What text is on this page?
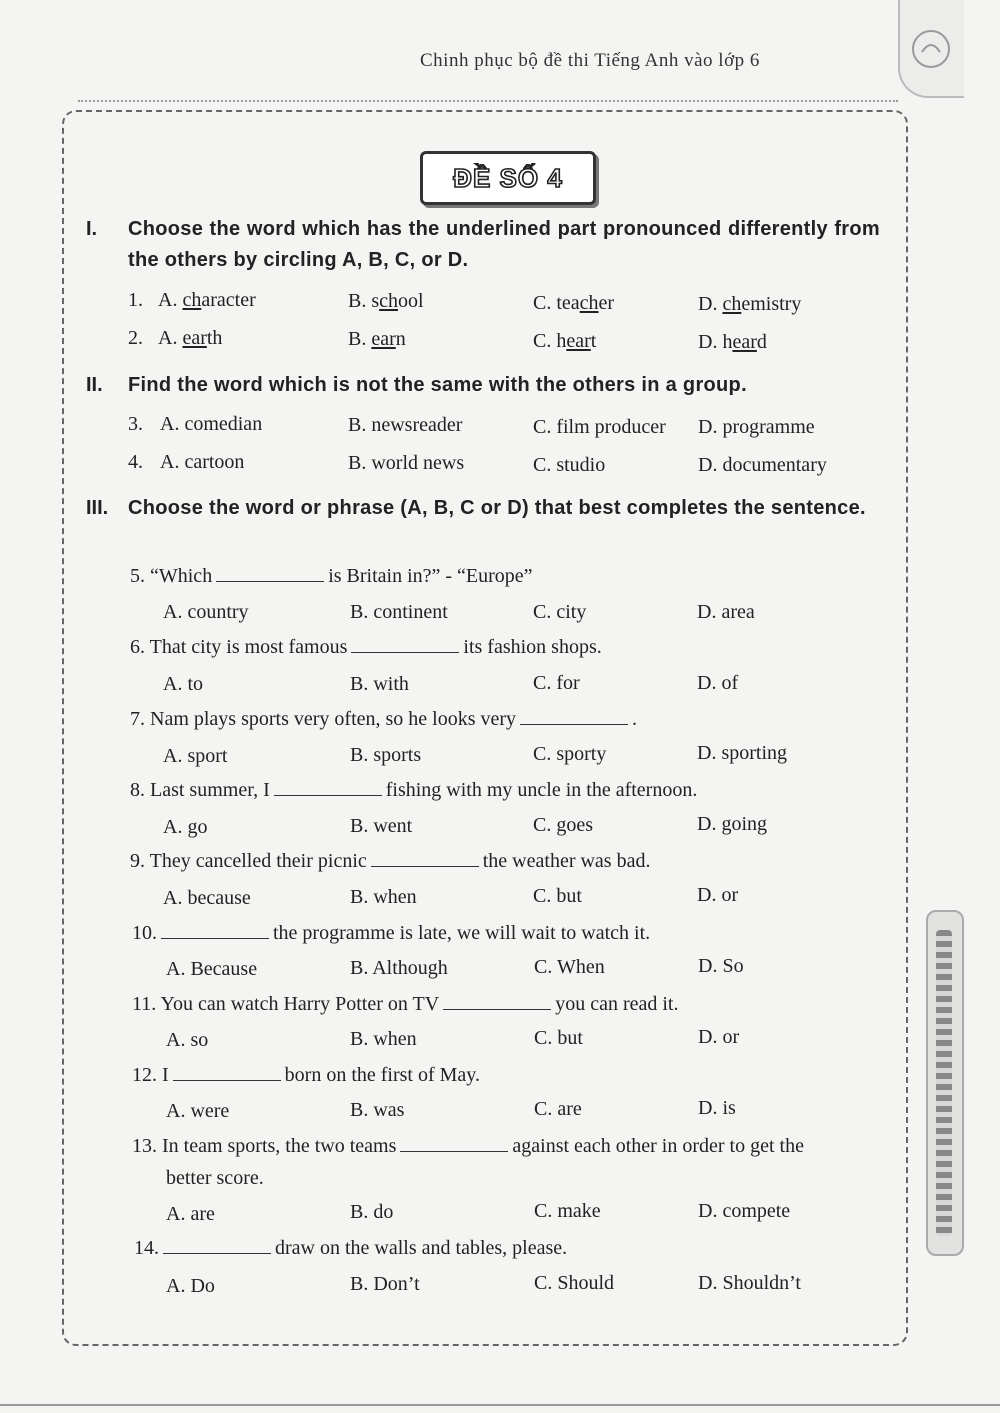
Chinh phục bộ đề thi Tiếng Anh vào lớp 6
ĐỀ SỐ 4
I. Choose the word which has the underlined part pronounced differently from the others by circling A, B, C, or D.
1. A. character	B. school	C. teacher	D. chemistry
2. A. earth	B. earn	C. heart	D. heard
II. Find the word which is not the same with the others in a group.
3. A. comedian	B. newsreader	C. film producer D. programme
4. A. cartoon	B. world news	C. studio	D. documentary
III. Choose the word or phrase (A, B, C or D) that best completes the sentence.
5. “Which	is Britain in?” - “Europe”
A. country	B. continent	C. city	D. area
6. That city is most famous	its fashion shops.
A. to	B. with	C. for	D. of
7. Nam plays sports very often, so he looks very	.
A. sport	B. sports	C. sporty	D. sporting
8. Last summer, I	fishing with my uncle in the afternoon.
A. go	B. went	C. goes	D. going
9. They cancelled their picnic	the weather was bad.
A. because	B. when	C. but	D. or
10.	the programme is late, we will wait to watch it.
A. Because	B. Although	C. When	D. So
11. You can watch Harry Potter on TV	you can read it.
A. so	B. when	C. but	D. or
12. I	born on the first of May.
A. were	B. was	C. are	D. is
13. In team sports, the two teams	against each other in order to get the
better score.
A. are	B. do	C. make	D. compete
14.	draw on the walls and tables, please.
A. Do	B. Don’t	C. Should	D. Shouldn’t
